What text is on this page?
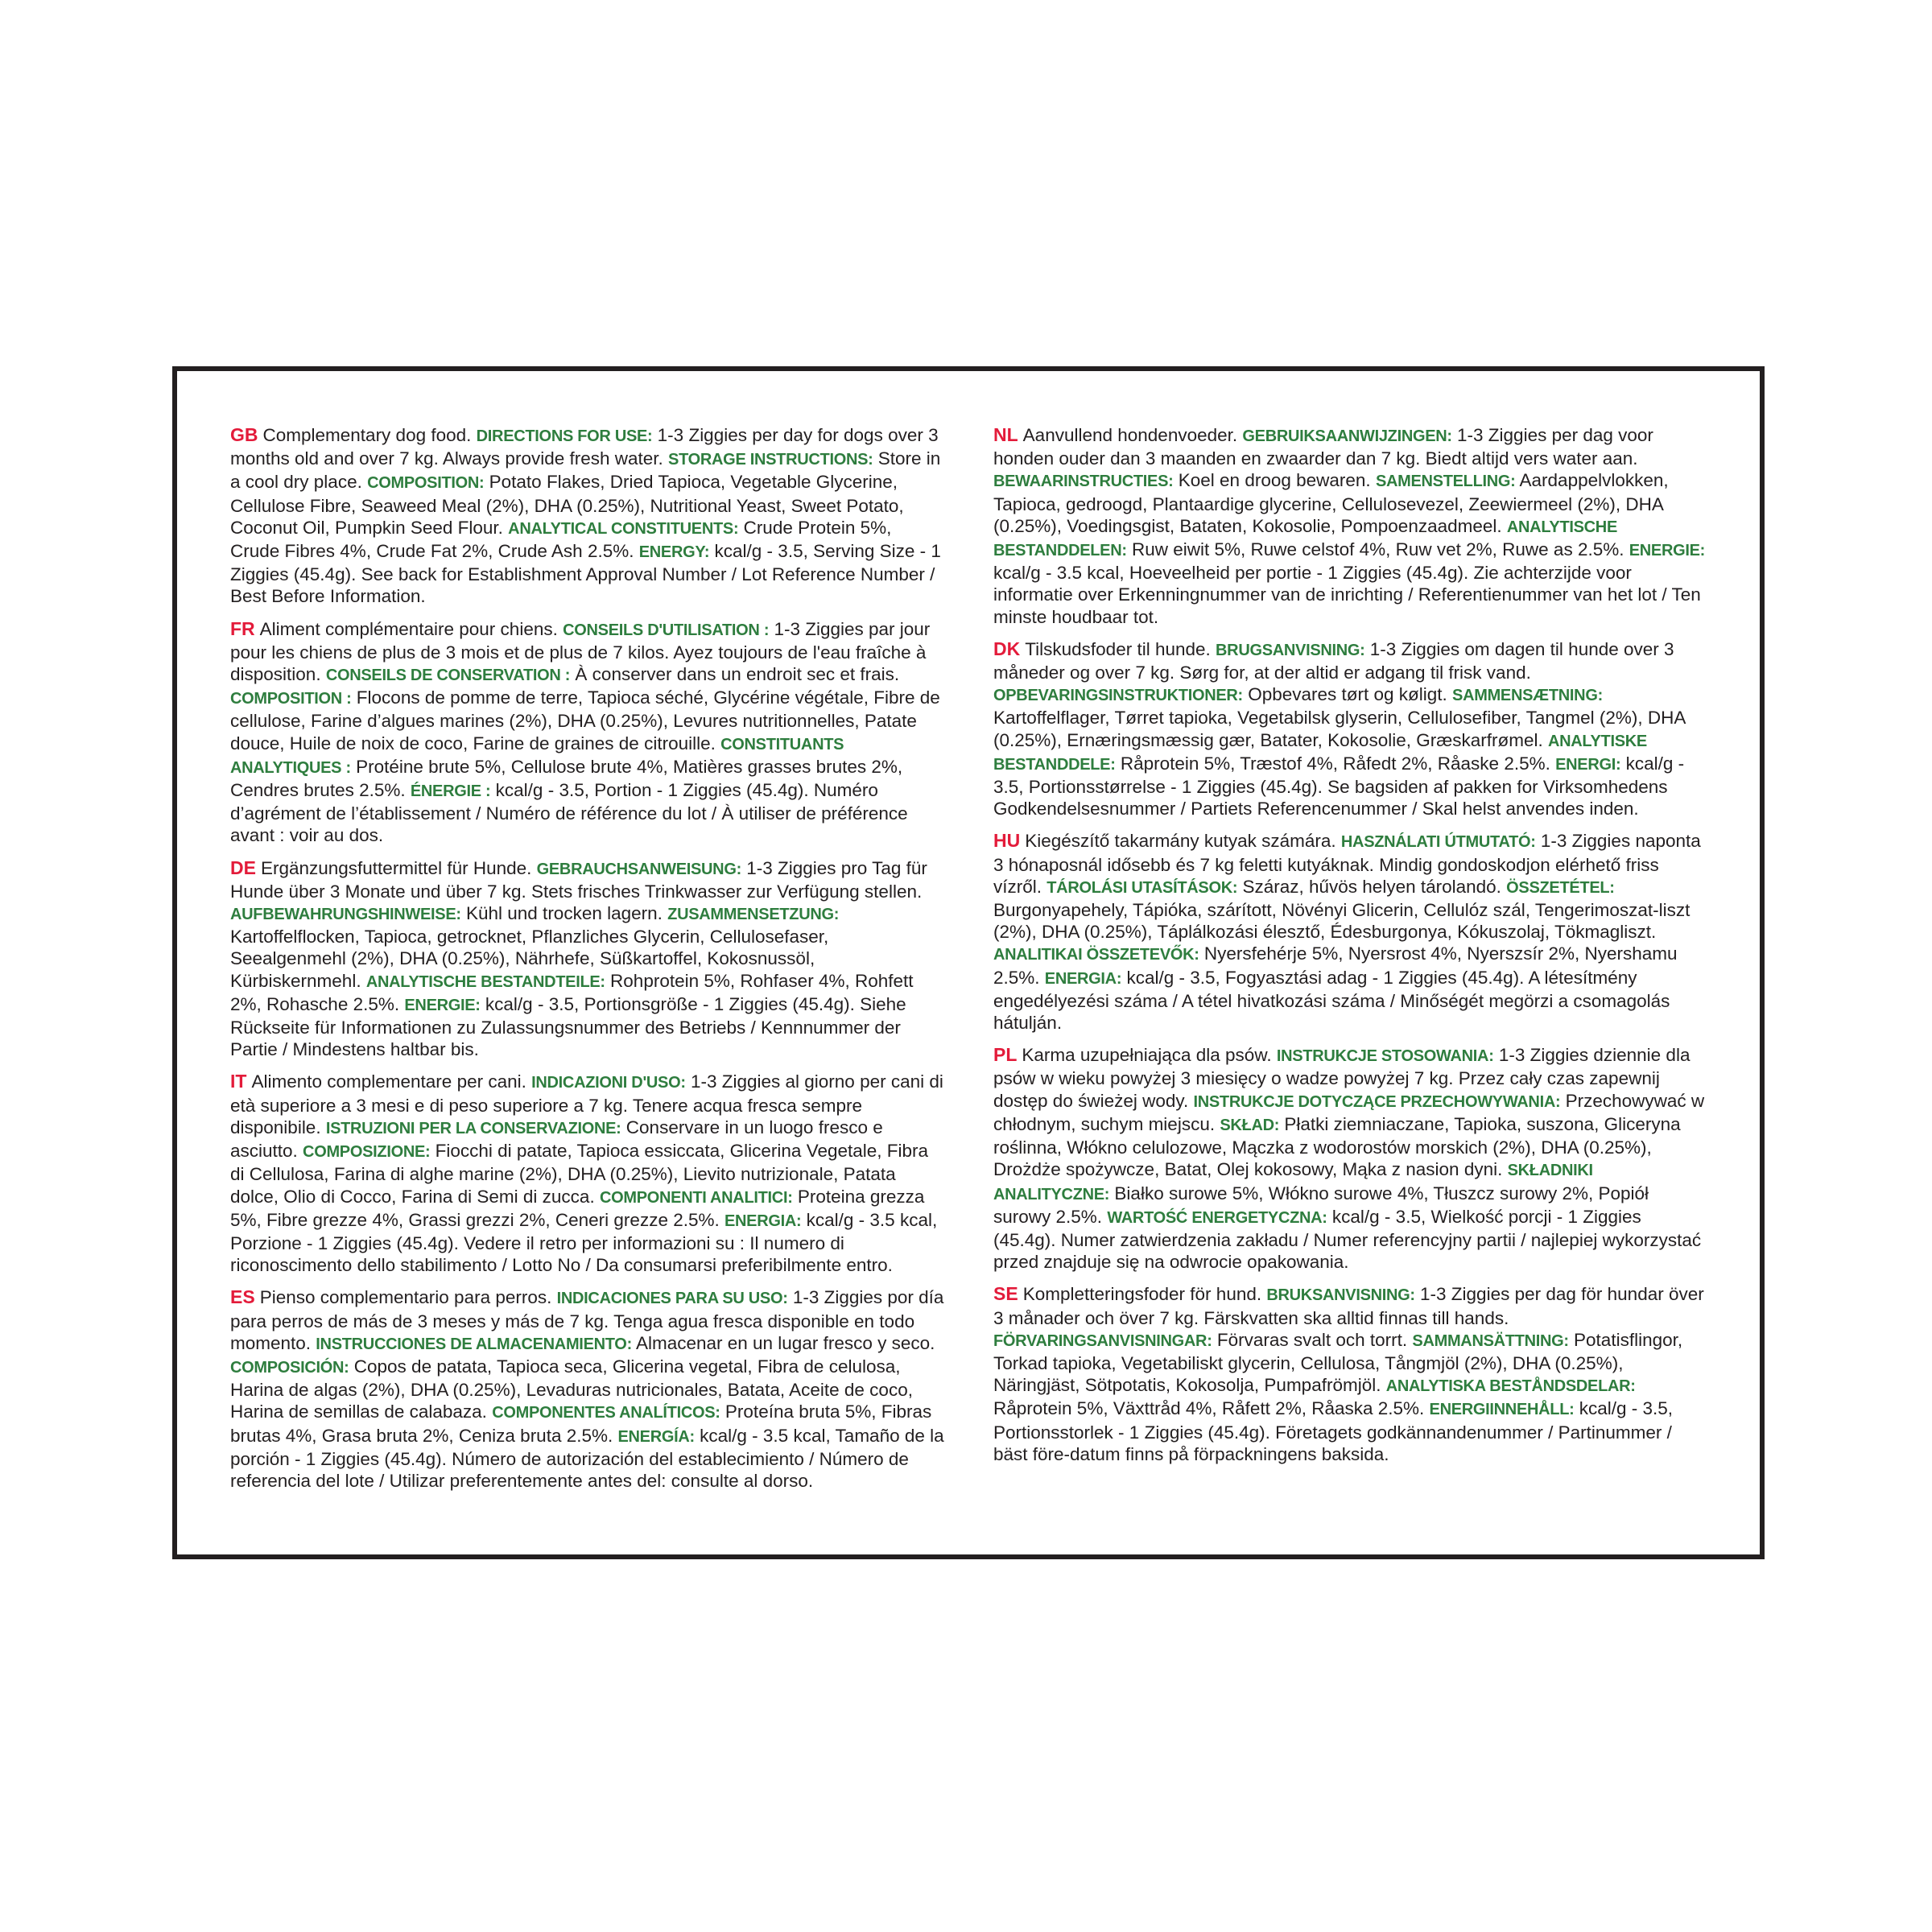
GB Complementary dog food. DIRECTIONS FOR USE: 1-3 Ziggies per day for dogs over 3 months old and over 7 kg. Always provide fresh water. STORAGE INSTRUCTIONS: Store in a cool dry place. COMPOSITION: Potato Flakes, Dried Tapioca, Vegetable Glycerine, Cellulose Fibre, Seaweed Meal (2%), DHA (0.25%), Nutritional Yeast, Sweet Potato, Coconut Oil, Pumpkin Seed Flour. ANALYTICAL CONSTITUENTS: Crude Protein 5%, Crude Fibres 4%, Crude Fat 2%, Crude Ash 2.5%. ENERGY: kcal/g - 3.5, Serving Size - 1 Ziggies (45.4g). See back for Establishment Approval Number / Lot Reference Number / Best Before Information.

FR Aliment complémentaire pour chiens. CONSEILS D'UTILISATION : 1-3 Ziggies par jour pour les chiens de plus de 3 mois et de plus de 7 kilos. Ayez toujours de l'eau fraîche à disposition. CONSEILS DE CONSERVATION : À conserver dans un endroit sec et frais. COMPOSITION : Flocons de pomme de terre, Tapioca séché, Glycérine végétale, Fibre de cellulose, Farine d’algues marines (2%), DHA (0.25%), Levures nutritionnelles, Patate douce, Huile de noix de coco, Farine de graines de citrouille. CONSTITUANTS ANALYTIQUES : Protéine brute 5%, Cellulose brute 4%, Matières grasses brutes 2%, Cendres brutes 2.5%. ÉNERGIE : kcal/g - 3.5, Portion - 1 Ziggies (45.4g). Numéro d’agrément de l’établissement / Numéro de référence du lot / À utiliser de préférence avant : voir au dos.

DE Ergänzungsfuttermittel für Hunde. GEBRAUCHSANWEISUNG: 1-3 Ziggies pro Tag für Hunde über 3 Monate und über 7 kg. Stets frisches Trinkwasser zur Verfügung stellen. AUFBEWAHRUNGSHINWEISE: Kühl und trocken lagern. ZUSAMMENSETZUNG: Kartoffelflocken, Tapioca, getrocknet, Pflanzliches Glycerin, Cellulosefaser, Seealgenmehl (2%), DHA (0.25%), Nährhefe, Süßkartoffel, Kokosnussöl, Kürbiskernmehl. ANALYTISCHE BESTANDTEILE: Rohprotein 5%, Rohfaser 4%, Rohfett 2%, Rohasche 2.5%. ENERGIE: kcal/g - 3.5, Portionsgröße - 1 Ziggies (45.4g). Siehe Rückseite für Informationen zu Zulassungsnummer des Betriebs / Kennnummer der Partie / Mindestens haltbar bis.

IT Alimento complementare per cani. INDICAZIONI D'USO: 1-3 Ziggies al giorno per cani di età superiore a 3 mesi e di peso superiore a 7 kg. Tenere acqua fresca sempre disponibile. ISTRUZIONI PER LA CONSERVAZIONE: Conservare in un luogo fresco e asciutto. COMPOSIZIONE: Fiocchi di patate, Tapioca essiccata, Glicerina Vegetale, Fibra di Cellulosa, Farina di alghe marine (2%), DHA (0.25%), Lievito nutrizionale, Patata dolce, Olio di Cocco, Farina di Semi di zucca. COMPONENTI ANALITICI: Proteina grezza 5%, Fibre grezze 4%, Grassi grezzi 2%, Ceneri grezze 2.5%. ENERGIA: kcal/g - 3.5 kcal, Porzione - 1 Ziggies (45.4g). Vedere il retro per informazioni su : Il numero di riconoscimento dello stabilimento / Lotto No / Da consumarsi preferibilmente entro.

ES Pienso complementario para perros. INDICACIONES PARA SU USO: 1-3 Ziggies por día para perros de más de 3 meses y más de 7 kg. Tenga agua fresca disponible en todo momento. INSTRUCCIONES DE ALMACENAMIENTO: Almacenar en un lugar fresco y seco. COMPOSICIÓN: Copos de patata, Tapioca seca, Glicerina vegetal, Fibra de celulosa, Harina de algas (2%), DHA (0.25%), Levaduras nutricionales, Batata, Aceite de coco, Harina de semillas de calabaza. COMPONENTES ANALÍTICOS: Proteína bruta 5%, Fibras brutas 4%, Grasa bruta 2%, Ceniza bruta 2.5%. ENERGÍA: kcal/g - 3.5 kcal, Tamaño de la porción - 1 Ziggies (45.4g). Número de autorización del establecimiento / Número de referencia del lote / Utilizar preferentemente antes del: consulte al dorso.

NL Aanvullend hondenvoeder. GEBRUIKSAANWIJZINGEN: 1-3 Ziggies per dag voor honden ouder dan 3 maanden en zwaarder dan 7 kg. Biedt altijd vers water aan. BEWAARINSTRUCTIES: Koel en droog bewaren. SAMENSTELLING: Aardappelvlokken, Tapioca, gedroogd, Plantaardige glycerine, Cellulosevezel, Zeewiermeel (2%), DHA (0.25%), Voedingsgist, Bataten, Kokosolie, Pompoenzaadmeel. ANALYTISCHE BESTANDDELEN: Ruw eiwit 5%, Ruwe celstof 4%, Ruw vet 2%, Ruwe as 2.5%. ENERGIE: kcal/g - 3.5 kcal, Hoeveelheid per portie - 1 Ziggies (45.4g). Zie achterzijde voor informatie over Erkenningnummer van de inrichting / Referentienummer van het lot / Ten minste houdbaar tot.

DK Tilskudsfoder til hunde. BRUGSANVISNING: 1-3 Ziggies om dagen til hunde over 3 måneder og over 7 kg. Sørg for, at der altid er adgang til frisk vand. OPBEVARINGSINSTRUKTIONER: Opbevares tørt og køligt. SAMMENSÆTNING: Kartoffelflager, Tørret tapioka, Vegetabilsk glyserin, Cellulosefiber, Tangmel (2%), DHA (0.25%), Ernæringsmæssig gær, Batater, Kokosolie, Græskarfrømel. ANALYTISKE BESTANDDELE: Råprotein 5%, Træstof 4%, Råfedt 2%, Råaske 2.5%. ENERGI: kcal/g - 3.5, Portionsstørrelse - 1 Ziggies (45.4g). Se bagsiden af pakken for Virksomhedens Godkendelsesnummer / Partiets Referencenummer / Skal helst anvendes inden.

HU Kiegészítő takarmány kutyak számára. HASZNÁLATI ÚTMUTATÓ: 1-3 Ziggies naponta 3 hónaposnál idősebb és 7 kg feletti kutyáknak. Mindig gondoskodjon elérhető friss vízről. TÁROLÁSI UTASÍTÁSOK: Száraz, hűvös helyen tárolandó. ÖSSZETÉTEL: Burgonyapehely, Tápióka, szárított, Növényi Glicerin, Cellulóz szál, Tengerimoszat-liszt (2%), DHA (0.25%), Táplálkozási élesztő, Édesburgonya, Kókuszolaj, Tökmagliszt. ANALITIKAI ÖSSZETEVŐK: Nyersfehérje 5%, Nyersrost 4%, Nyerszsír 2%, Nyershamu 2.5%. ENERGIA: kcal/g - 3.5, Fogyasztási adag - 1 Ziggies (45.4g). A létesítmény engedélyezési száma / A tétel hivatkozási száma / Minőségét megörzi a csomagolás hátulján.

PL Karma uzupełniająca dla psów. INSTRUKCJE STOSOWANIA: 1-3 Ziggies dziennie dla psów w wieku powyżej 3 miesięcy o wadze powyżej 7 kg. Przez cały czas zapewnij dostęp do świeżej wody. INSTRUKCJE DOTYCZĄCE PRZECHOWYWANIA: Przechowywać w chłodnym, suchym miejscu. SKŁAD: Płatki ziemniaczane, Tapioka, suszona, Gliceryna roślinna, Włókno celulozowe, Mączka z wodorostów morskich (2%), DHA (0.25%), Drożdże spożywcze, Batat, Olej kokosowy, Mąka z nasion dyni. SKŁADNIKI ANALITYCZNE: Białko surowe 5%, Włókno surowe 4%, Tłuszcz surowy 2%, Popiół surowy 2.5%. WARTOŚĆ ENERGETYCZNA: kcal/g - 3.5, Wielkość porcji - 1 Ziggies (45.4g). Numer zatwierdzenia zakładu / Numer referencyjny partii / najlepiej wykorzystać przed znajduje się na odwrocie opakowania.

SE Kompletteringsfoder för hund. BRUKSANVISNING: 1-3 Ziggies per dag för hundar över 3 månader och över 7 kg. Färskvatten ska alltid finnas till hands. FÖRVARINGSANVISNINGAR: Förvaras svalt och torrt. SAMMANSÄTTNING: Potatisflingor, Torkad tapioka, Vegetabiliskt glycerin, Cellulosa, Tångmjöl (2%), DHA (0.25%), Näringjäst, Sötpotatis, Kokosolja, Pumpafrömjöl. ANALYTISKA BESTÅNDSDELAR: Råprotein 5%, Växttråd 4%, Råfett 2%, Råaska 2.5%. ENERGIINNEHÅLL: kcal/g - 3.5, Portionsstorlek - 1 Ziggies (45.4g). Företagets godkännandenummer / Partinummer / bäst före-datum finns på förpackningens baksida.
